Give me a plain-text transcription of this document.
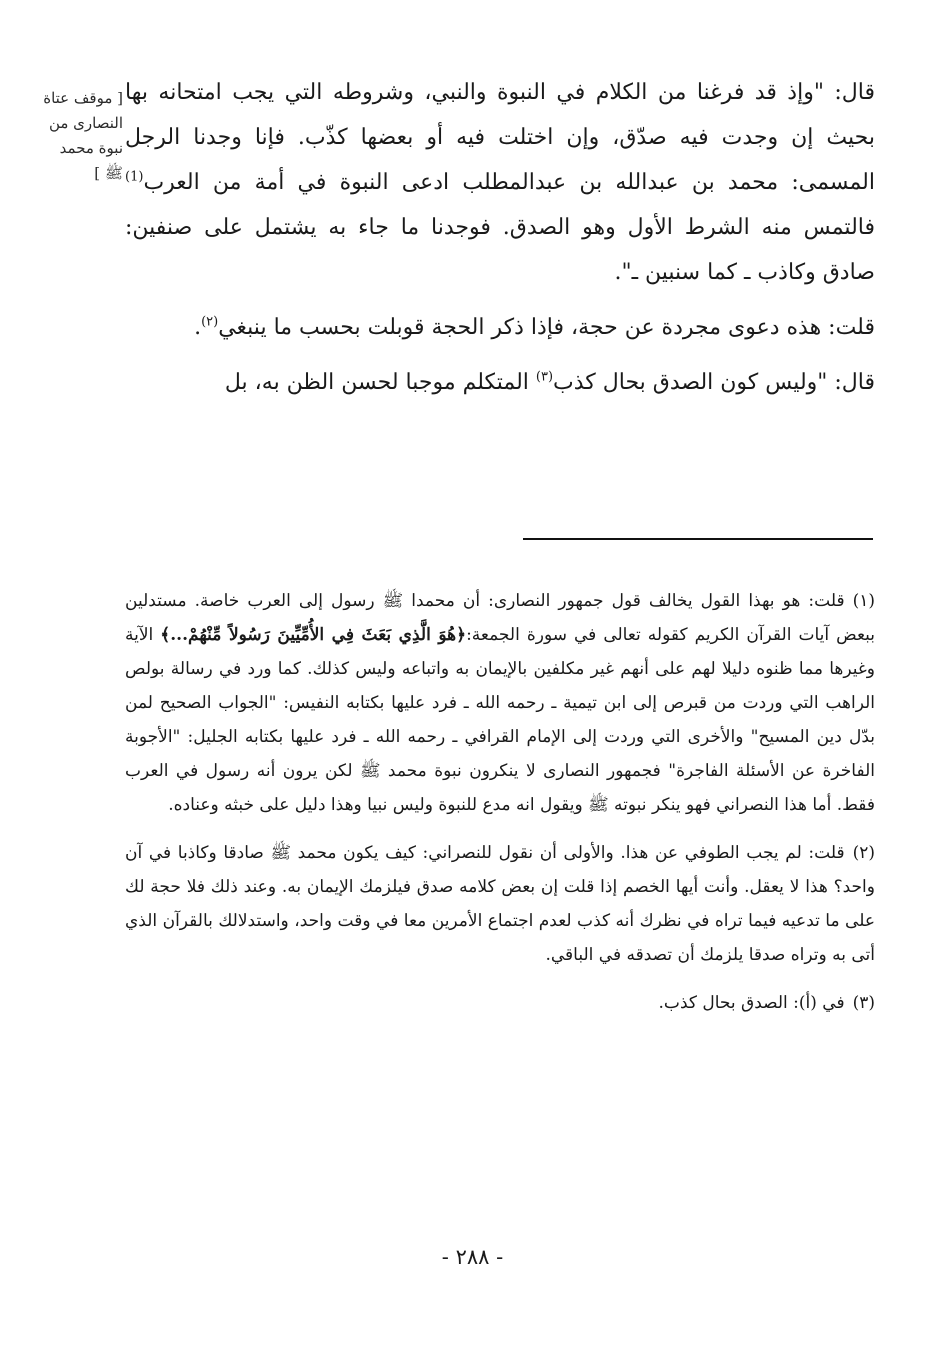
[ موقف عتاة
النصارى من
نبوة محمد
ﷺ ]

قال: "وإذ قد فرغنا من الكلام في النبوة والنبي، وشروطه التي يجب امتحانه بها بحيث إن وجدت فيه صدّق، وإن اختلت فيه أو بعضها كذّب. فإنا وجدنا الرجل المسمى: محمد بن عبدالله بن عبدالمطلب ادعى النبوة في أمة من العرب$^{(1)}$ فالتمس منه الشرط الأول وهو الصدق. فوجدنا ما جاء به يشتمل على صنفين: صادق وكاذب ـ كما سنبين ـ".

قلت: هذه دعوى مجردة عن حجة، فإذا ذكر الحجة قوبلت بحسب ما ينبغي$^{(٢)}$.

قال: "وليس كون الصدق بحال كذب$^{(٣)}$ المتكلم موجبا لحسن الظن به، بل

(١)قلت: هو بهذا القول يخالف قول جمهور النصارى: أن محمدا ﷺ رسول إلى العرب خاصة. مستدلين ببعض آيات القرآن الكريم كقوله تعالى في سورة الجمعة:﴿هُوَ الَّذِي بَعَثَ فِي الأُمِّيِّينَ رَسُولاً مِّنْهُمْ...﴾ الآية وغيرها مما ظنوه دليلا لهم على أنهم غير مكلفين بالإيمان به واتباعه وليس كذلك. كما ورد في رسالة بولص الراهب التي وردت من قبرص إلى ابن تيمية ـ رحمه الله ـ فرد عليها بكتابه النفيس: "الجواب الصحيح لمن بدّل دين المسيح" والأخرى التي وردت إلى الإمام القرافي ـ رحمه الله ـ فرد عليها بكتابه الجليل: "الأجوبة الفاخرة عن الأسئلة الفاجرة" فجمهور النصارى لا ينكرون نبوة محمد ﷺ لكن يرون أنه رسول في العرب فقط. أما هذا النصراني فهو ينكر نبوته ﷺ ويقول انه مدع للنبوة وليس نبيا وهذا دليل على خبثه وعناده.
(٢)قلت: لم يجب الطوفي عن هذا. والأولى أن نقول للنصراني: كيف يكون محمد ﷺ صادقا وكاذبا في آن واحد؟ هذا لا يعقل. وأنت أيها الخصم إذا قلت إن بعض كلامه صدق فيلزمك الإيمان به. وعند ذلك فلا حجة لك على ما تدعيه فيما تراه في نظرك أنه كذب لعدم اجتماع الأمرين معا في وقت واحد، واستدلالك بالقرآن الذي أتى به وتراه صدقا يلزمك أن تصدقه في الباقي.
(٣)في (أ): الصدق بحال كذب.
- ٢٨٨ -
